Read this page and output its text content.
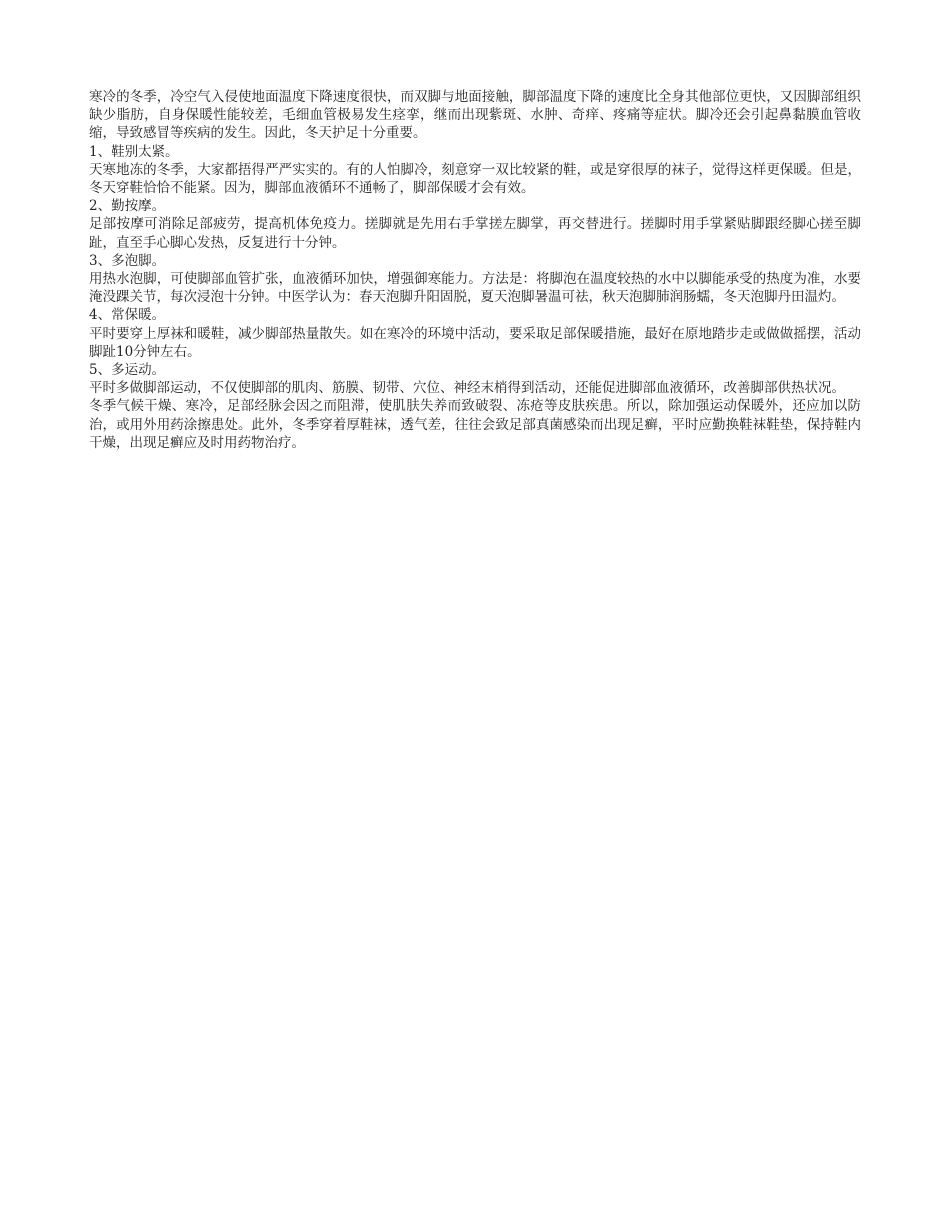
寒冷的冬季，冷空气入侵使地面温度下降速度很快，而双脚与地面接触，脚部温度下降的速度比全身其他部位更快，又因脚部组织缺少脂肪，自身保暖性能较差，毛细血管极易发生痉挛，继而出现紫斑、水肿、奇痒、疼痛等症状。脚冷还会引起鼻黏膜血管收缩，导致感冒等疾病的发生。因此，冬天护足十分重要。

1、鞋别太紧。

天寒地冻的冬季，大家都捂得严严实实的。有的人怕脚冷，刻意穿一双比较紧的鞋，或是穿很厚的袜子，觉得这样更保暖。但是，冬天穿鞋恰恰不能紧。因为，脚部血液循环不通畅了，脚部保暖才会有效。

2、勤按摩。

足部按摩可消除足部疲劳，提高机体免疫力。搓脚就是先用右手掌搓左脚掌，再交替进行。搓脚时用手掌紧贴脚跟经脚心搓至脚趾，直至手心脚心发热，反复进行十分钟。

3、多泡脚。

用热水泡脚，可使脚部血管扩张，血液循环加快，增强御寒能力。方法是：将脚泡在温度较热的水中以脚能承受的热度为准，水要淹没踝关节，每次浸泡十分钟。中医学认为：春天泡脚升阳固脱，夏天泡脚暑温可祛，秋天泡脚肺润肠蠕，冬天泡脚丹田温灼。

4、常保暖。

平时要穿上厚袜和暖鞋，减少脚部热量散失。如在寒冷的环境中活动，要采取足部保暖措施，最好在原地踏步走或做做摇摆，活动脚趾10分钟左右。

5、多运动。

平时多做脚部运动，不仅使脚部的肌肉、筋膜、韧带、穴位、神经末梢得到活动，还能促进脚部血液循环，改善脚部供热状况。

冬季气候干燥、寒冷，足部经脉会因之而阻滞，使肌肤失养而致破裂、冻疮等皮肤疾患。所以，除加强运动保暖外，还应加以防治，或用外用药涂擦患处。此外，冬季穿着厚鞋袜，透气差，往往会致足部真菌感染而出现足癣，平时应勤换鞋袜鞋垫，保持鞋内干燥，出现足癣应及时用药物治疗。
